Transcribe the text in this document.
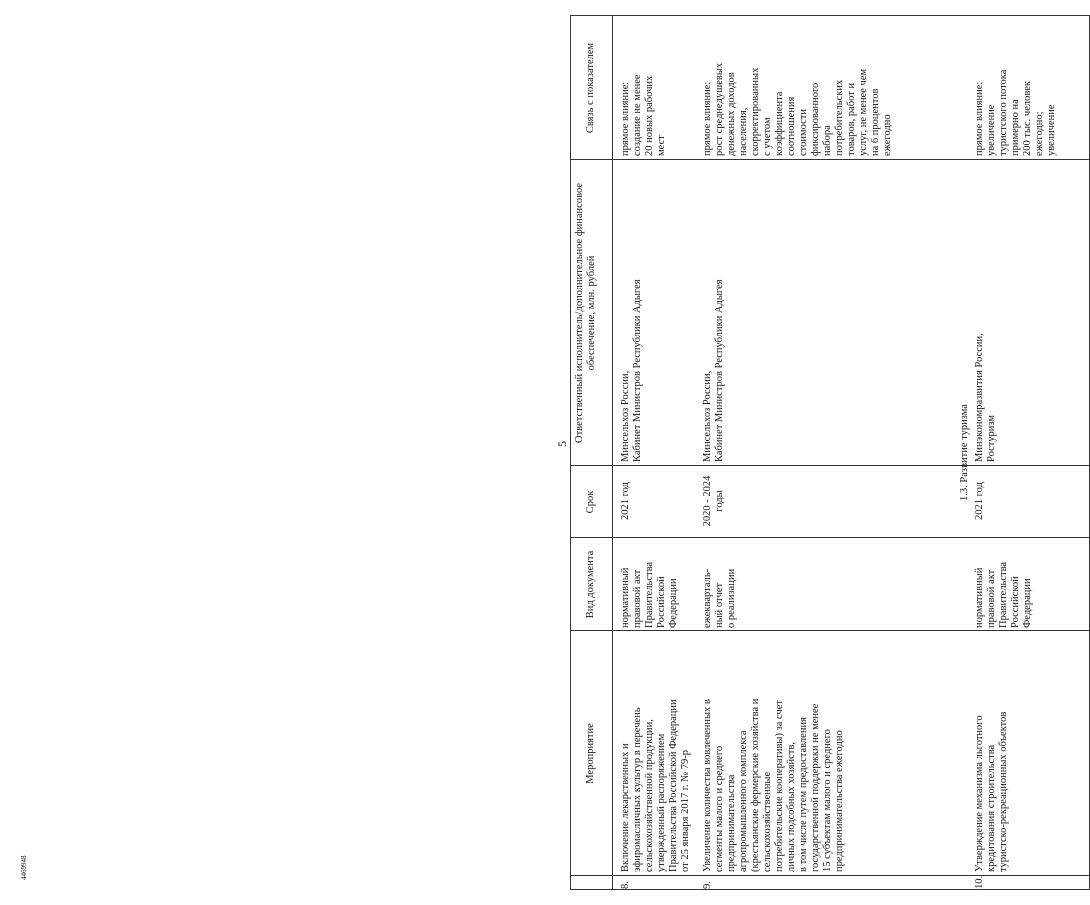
5
4469948
Мероприятие
Вид документа
Срок
Ответственный исполнитель/дополнительное финансовое обеспечение, млн. рублей
Связь с показателем
8.
Включение лекарственных и
эфиромасличных культур в перечень
сельскохозяйственной продукции,
утвержденный распоряжением
Правительства Российской Федерации
от 25 января 2017 г. № 79-р
нормативный
правовой акт
Правительства
Российской
Федерации
2021 год
Минсельхоз России,
Кабинет Министров Республики Адыгея
прямое влияние:
создание не менее
20 новых рабочих
мест
9.
Увеличение количества вовлеченных в
сегменты малого и среднего
предпринимательства
агропромышленного комплекса
(крестьянские фермерские хозяйства и
сельскохозяйственные
потребительские кооперативы) за счет
личных подсобных хозяйств,
в том числе путем предоставления
государственной поддержки не менее
15 субъектам малого и среднего
предпринимательства ежегодно
ежекварталь-
ный отчет
о реализации
2020 - 2024
годы
Минсельхоз России,
Кабинет Министров Республики Адыгея
прямое влияние:
рост среднедушевых
денежных доходов
населения,
скорректированных
с учетом
коэффициента
соотношения
стоимости
фиксированного
набора
потребительских
товаров, работ и
услуг, не менее чем
на 6 процентов
ежегодно
1.3. Развитие туризма
10.
Утверждение механизма льготного
кредитования строительства
туристско-рекреационных объектов
нормативный
правовой акт
Правительства
Российской
Федерации
2021 год
Минэкономразвития России,
Ростуризм
прямое влияние:
увеличение
туристского потока
примерно на
200 тыс. человек
ежегодно;
увеличение
